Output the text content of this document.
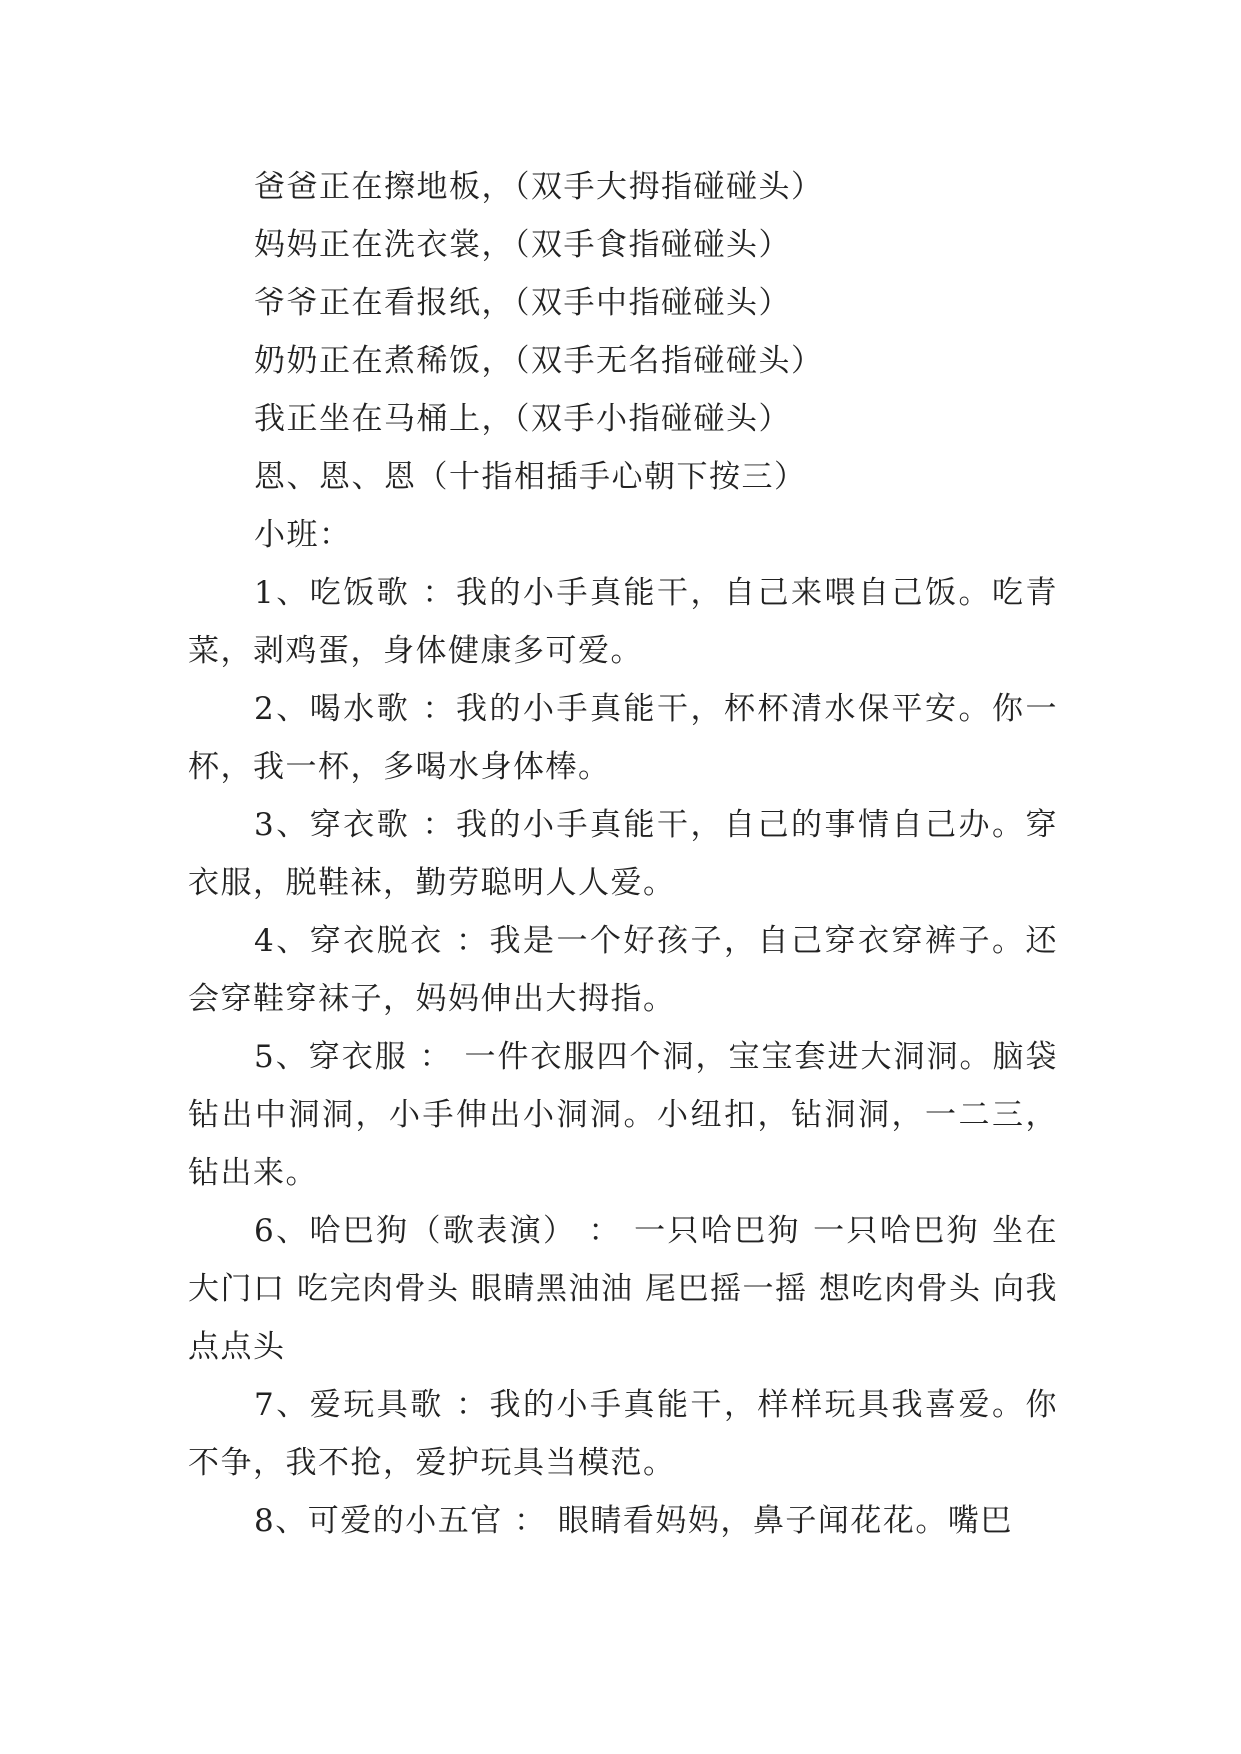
爸爸正在擦地板，（双手大拇指碰碰头）

妈妈正在洗衣裳，（双手食指碰碰头）

爷爷正在看报纸，（双手中指碰碰头）

奶奶正在煮稀饭，（双手无名指碰碰头）

我正坐在马桶上，（双手小指碰碰头）

恩、恩、恩（十指相插手心朝下按三）

小班：

1、吃饭歌 ：我的小手真能干，自己来喂自己饭。吃青菜，剥鸡蛋，身体健康多可爱。

2、喝水歌 ：我的小手真能干，杯杯清水保平安。你一杯，我一杯，多喝水身体棒。

3、穿衣歌 ：我的小手真能干，自己的事情自己办。穿衣服，脱鞋袜，勤劳聪明人人爱。

4、穿衣脱衣 ：我是一个好孩子，自己穿衣穿裤子。还会穿鞋穿袜子，妈妈伸出大拇指。

5、穿衣服 ： 一件衣服四个洞，宝宝套进大洞洞。脑袋钻出中洞洞，小手伸出小洞洞。小纽扣，钻洞洞，一二三，钻出来。

6、哈巴狗（歌表演） ： 一只哈巴狗 一只哈巴狗 坐在大门口 吃完肉骨头 眼睛黑油油 尾巴摇一摇 想吃肉骨头 向我点点头

7、爱玩具歌 ：我的小手真能干，样样玩具我喜爱。你不争，我不抢，爱护玩具当模范。

8、可爱的小五官 ： 眼睛看妈妈，鼻子闻花花。嘴巴
